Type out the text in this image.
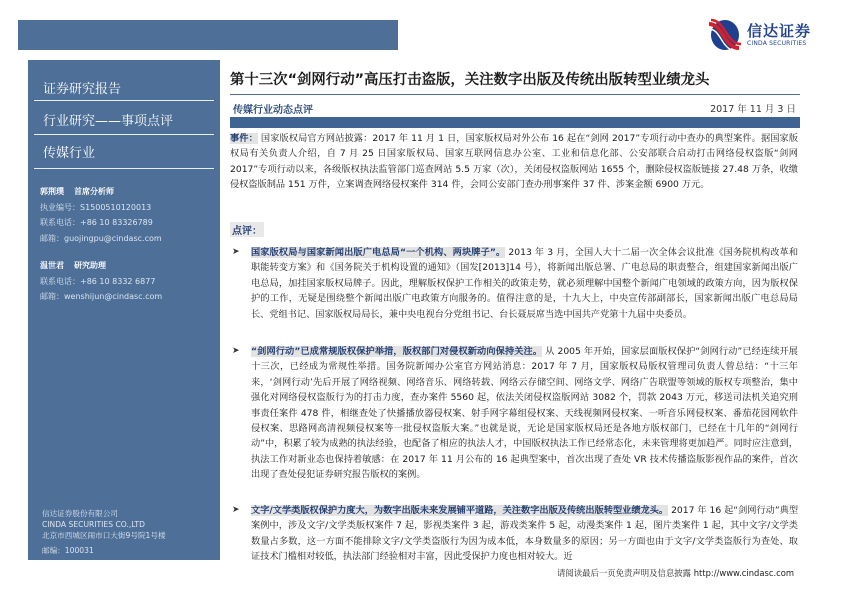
信达证券
CINDA SECURITIES
证券研究报告
行业研究——事项点评
传媒行业
郭荆璞 首席分析师
执业编号：S1500510120013
联系电话：+86 10 83326789
邮箱：guojingpu@cindasc.com
温世君 研究助理
联系电话：+86 10 8332 6877
邮箱：wenshijun@cindasc.com
信达证券股份有限公司
CINDA SECURITIES CO.,LTD
北京市西城区闹市口大街9号院1号楼
邮编：100031
第十三次“剑网行动”高压打击盗版，关注数字出版及传统出版转型业绩龙头
传媒行业动态点评	2017 年 11 月 3 日
事件： 国家版权局官方网站披露：2017 年 11 月 1 日，国家版权局对外公布 16 起在“剑网 2017”专项行动中查办的典型案件。据国家版权局有关负责人介绍，自 7 月 25 日国家版权局、国家互联网信息办公室、工业和信息化部、公安部联合启动打击网络侵权盗版“剑网 2017”专项行动以来，各级版权执法监管部门巡查网站 5.5 万家（次），关闭侵权盗版网站 1655 个，删除侵权盗版链接 27.48 万条，收缴侵权盗版制品 151 万件，立案调查网络侵权案件 314 件，会同公安部门查办刑事案件 37 件、涉案金额 6900 万元。
点评：
➤ 国家版权局与国家新闻出版广电总局“一个机构、两块牌子”。 2013 年 3 月，全国人大十二届一次全体会议批准《国务院机构改革和职能转变方案》和《国务院关于机构设置的通知》（国发[2013]14 号），将新闻出版总署、广电总局的职责整合，组建国家新闻出版广电总局，加挂国家版权局牌子。因此，理解版权保护工作相关的政策走势，就必须理解中国整个新闻广电领域的政策方向，因为版权保护的工作，无疑是围绕整个新闻出版广电政策方向服务的。值得注意的是，十九大上，中央宣传部副部长，国家新闻出版广电总局局长、党组书记、国家版权局局长，兼中央电视台分党组书记、台长聂辰席当选中国共产党第十九届中央委员。
➤ “剑网行动”已成常规版权保护举措，版权部门对侵权新动向保持关注。 从 2005 年开始，国家层面版权保护“剑网行动”已经连续开展十三次，已经成为常规性举措。国务院新闻办公室官方网站消息：2017 年 7 月，国家版权局版权管理司负责人曾总结：“十三年来，‘剑网行动’先后开展了网络视频、网络音乐、网络转载、网络云存储空间、网络文学、网络广告联盟等领域的版权专项整治，集中强化对网络侵权盗版行为的打击力度，查办案件 5560 起，依法关闭侵权盗版网站 3082 个，罚款 2043 万元，移送司法机关追究刑事责任案件 478 件，相继查处了快播播放器侵权案、射手网字幕组侵权案、天线视频网侵权案、一听音乐网侵权案、番茄花园网软件侵权案、思路网高清视频侵权案等一批侵权盗版大案。”也就是说，无论是国家版权局还是各地方版权部门，已经在十几年的“剑网行动”中，积累了较为成熟的执法经验，也配备了相应的执法人才，中国版权执法工作已经常态化，未来管理将更加趋严。同时应注意到，执法工作对新业态也保持着敏感：在 2017 年 11 月公布的 16 起典型案中，首次出现了查处 VR 技术传播盗版影视作品的案件，首次出现了查处侵犯证券研究报告版权的案例。
➤ 文字/文学类版权保护力度大，为数字出版未来发展铺平道路，关注数字出版及传统出版转型业绩龙头。 2017 年 16 起“剑网行动”典型案例中，涉及文字/文学类版权案件 7 起，影视类案件 3 起，游戏类案件 5 起，动漫类案件 1 起，图片类案件 1 起，其中文字/文学类数量占多数，这一方面不能排除文字/文学类盗版行为因为成本低，本身数量多的原因；另一方面也由于文字/文学类盗版行为查处、取证技术门槛相对较低，执法部门经验相对丰富，因此受保护力度也相对较大。近
请阅读最后一页免责声明及信息披露 http://www.cindasc.com
